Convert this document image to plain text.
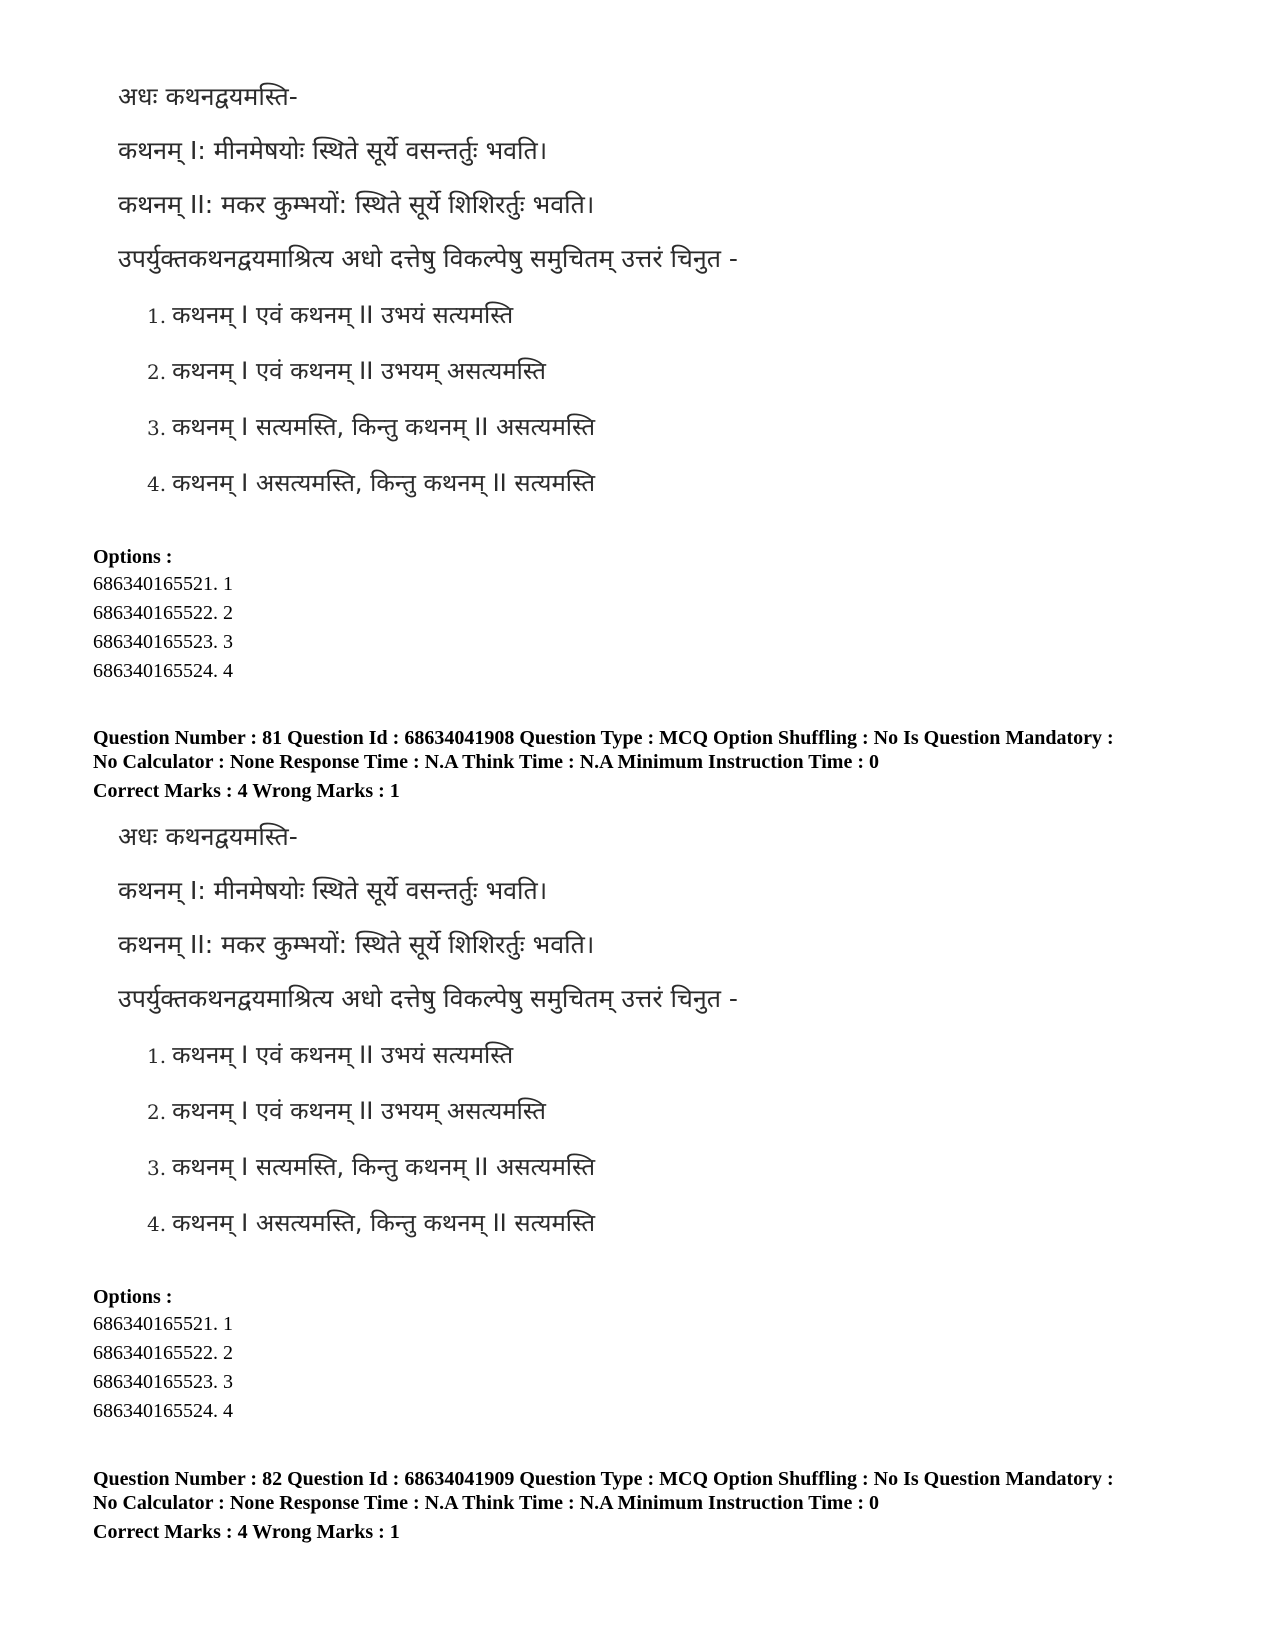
अधः कथनद्वयमस्ति-
कथनम् I: मीनमेषयोः स्थिते सूर्ये वसन्तर्तुः भवति।
कथनम् II: मकर कुम्भयों: स्थिते सूर्ये शिशिरर्तुः भवति।
उपर्युक्तकथनद्वयमाश्रित्य अधो दत्तेषु विकल्पेषु समुचितम् उत्तरं चिनुत -
1. कथनम् I एवं कथनम् II उभयं सत्यमस्ति
2. कथनम् I एवं कथनम् II उभयम् असत्यमस्ति
3. कथनम् I सत्यमस्ति, किन्तु कथनम् II असत्यमस्ति
4. कथनम् I असत्यमस्ति, किन्तु कथनम् II सत्यमस्ति
Options :
686340165521. 1
686340165522. 2
686340165523. 3
686340165524. 4
Question Number : 81 Question Id : 68634041908 Question Type : MCQ Option Shuffling : No Is Question Mandatory :
No Calculator : None Response Time : N.A Think Time : N.A Minimum Instruction Time : 0
Correct Marks : 4 Wrong Marks : 1
अधः कथनद्वयमस्ति-
कथनम् I: मीनमेषयोः स्थिते सूर्ये वसन्तर्तुः भवति।
कथनम् II: मकर कुम्भयों: स्थिते सूर्ये शिशिरर्तुः भवति।
उपर्युक्तकथनद्वयमाश्रित्य अधो दत्तेषु विकल्पेषु समुचितम् उत्तरं चिनुत -
1. कथनम् I एवं कथनम् II उभयं सत्यमस्ति
2. कथनम् I एवं कथनम् II उभयम् असत्यमस्ति
3. कथनम् I सत्यमस्ति, किन्तु कथनम् II असत्यमस्ति
4. कथनम् I असत्यमस्ति, किन्तु कथनम् II सत्यमस्ति
Options :
686340165521. 1
686340165522. 2
686340165523. 3
686340165524. 4
Question Number : 82 Question Id : 68634041909 Question Type : MCQ Option Shuffling : No Is Question Mandatory :
No Calculator : None Response Time : N.A Think Time : N.A Minimum Instruction Time : 0
Correct Marks : 4 Wrong Marks : 1
